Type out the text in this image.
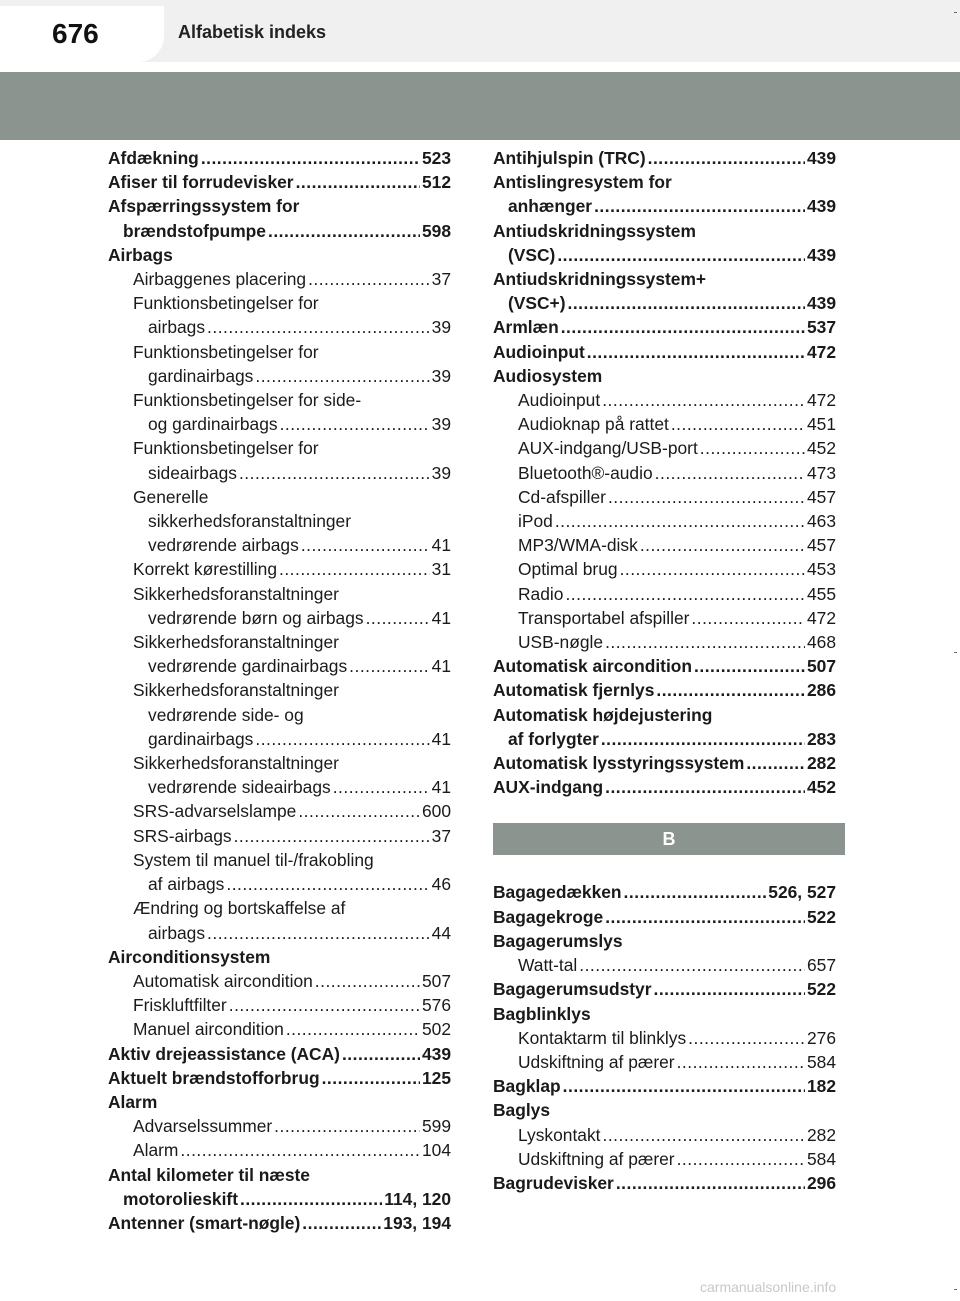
676	Alfabetisk indeks
Afdækning .....	523
Afiser til forrudevisker .....	512
Afspærringssystem for
brændstofpumpe .....	598
Airbags
Airbaggenes placering .....	37
Funktionsbetingelser for
airbags .....	39
Funktionsbetingelser for
gardinairbags .....	39
Funktionsbetingelser for side-
og gardinairbags .....	39
Funktionsbetingelser for
sideairbags .....	39
Generelle
sikkerhedsforanstaltninger
vedrørende airbags .....	41
Korrekt kørestilling .....	31
Sikkerhedsforanstaltninger
vedrørende børn og airbags .....	41
Sikkerhedsforanstaltninger
vedrørende gardinairbags .....	41
Sikkerhedsforanstaltninger
vedrørende side- og
gardinairbags .....	41
Sikkerhedsforanstaltninger
vedrørende sideairbags .....	41
SRS-advarselslampe .....	600
SRS-airbags .....	37
System til manuel til-/frakobling
af airbags .....	46
Ændring og bortskaffelse af
airbags .....	44
Airconditionsystem
Automatisk aircondition .....	507
Friskluftfilter .....	576
Manuel aircondition .....	502
Aktiv drejeassistance (ACA) .....	439
Aktuelt brændstofforbrug .....	125
Alarm
Advarselssummer .....	599
Alarm .....	104
Antal kilometer til næste
motorolieskift .....	114, 120
Antenner (smart-nøgle) .....	193, 194
Antihjulspin (TRC) .....	439
Antislingresystem for
anhænger .....	439
Antiudskridningssystem
(VSC) .....	439
Antiudskridningssystem+
(VSC+) .....	439
Armlæn .....	537
Audioinput .....	472
Audiosystem
Audioinput .....	472
Audioknap på rattet .....	451
AUX-indgang/USB-port .....	452
Bluetooth®-audio .....	473
Cd-afspiller .....	457
iPod .....	463
MP3/WMA-disk .....	457
Optimal brug .....	453
Radio .....	455
Transportabel afspiller .....	472
USB-nøgle .....	468
Automatisk aircondition .....	507
Automatisk fjernlys .....	286
Automatisk højdejustering
af forlygter .....	283
Automatisk lysstyringssystem .....	282
AUX-indgang .....	452
B
Bagagedækken .....	526, 527
Bagagekroge .....	522
Bagagerumslys
Watt-tal .....	657
Bagagerumsudstyr .....	522
Bagblinklys
Kontaktarm til blinklys .....	276
Udskiftning af pærer .....	584
Bagklap .....	182
Baglys
Lyskontakt .....	282
Udskiftning af pærer .....	584
Bagrudevisker .....	296
carmanualsonline.info
